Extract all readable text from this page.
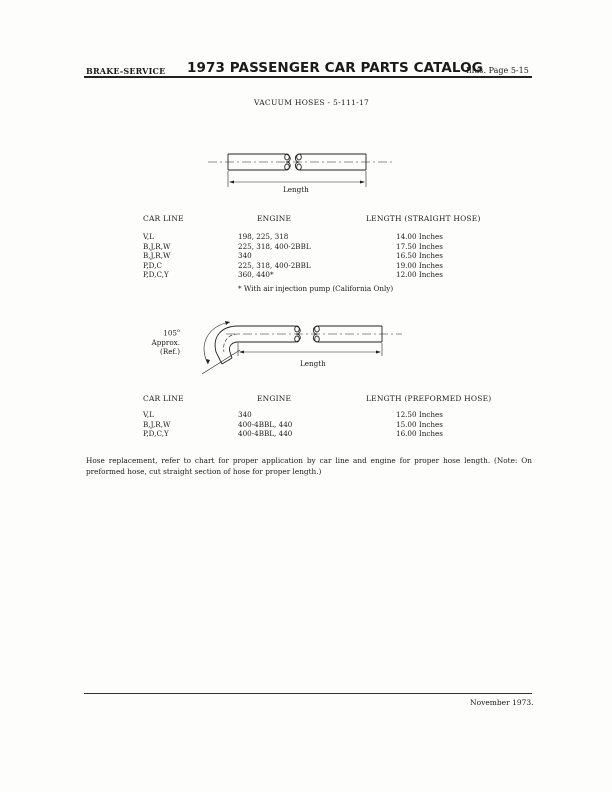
BRAKE-SERVICE 1973 PASSENGER CAR PARTS CATALOG
Illus. Page 5-15
VACUUM HOSES - 5-111-17
Length
CAR LINE	ENGINE	LENGTH (STRAIGHT HOSE)
V,L	198, 225, 318	14.00 Inches
B,J,R,W	225, 318, 400-2BBL	17.50 Inches
B,J,R,W	340	16.50 Inches
P,D,C	225, 318, 400-2BBL	19.00 Inches
P,D,C,Y	360, 440*	12.00 Inches
* With air injection pump (California Only)
105$^o$
Approx.
(Ref.)
Length
CAR LINE	ENGINE	LENGTH (PREFORMED HOSE)
V,L	340	12.50 Inches
B,J,R,W	400-4BBL, 440	15.00 Inches
P,D,C,Y	400-4BBL, 440	16.00 Inches
Hose replacement, refer to chart for proper application by car line and engine for proper hose length. (Note: On preformed hose, cut straight section of hose for proper length.)
November 1973.
